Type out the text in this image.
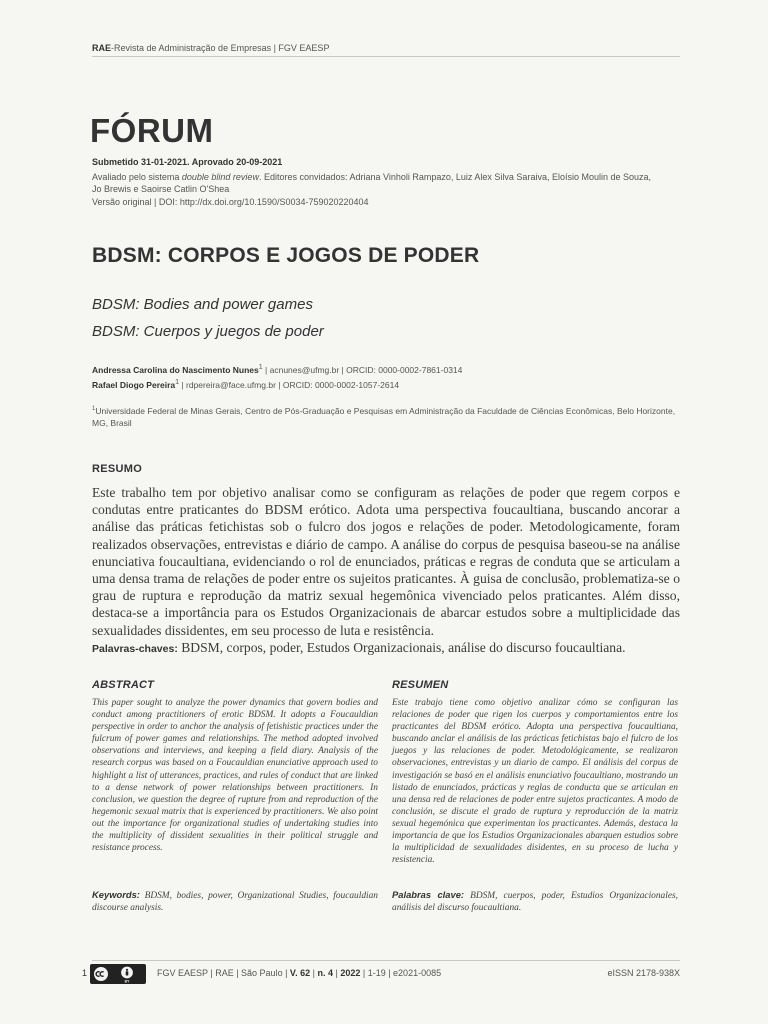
RAE-Revista de Administração de Empresas | FGV EAESP
FÓRUM
Submetido 31-01-2021. Aprovado 20-09-2021
Avaliado pelo sistema double blind review. Editores convidados: Adriana Vinholi Rampazo, Luiz Alex Silva Saraiva, Eloísio Moulin de Souza, Jo Brewis e Saoirse Catlin O'Shea
Versão original | DOI: http://dx.doi.org/10.1590/S0034-759020220404
BDSM: CORPOS E JOGOS DE PODER
BDSM: Bodies and power games
BDSM: Cuerpos y juegos de poder
Andressa Carolina do Nascimento Nunes$^1$ | acnunes@ufmg.br | ORCID: 0000-0002-7861-0314
Rafael Diogo Pereira$^1$ | rdpereira@face.ufmg.br | ORCID: 0000-0002-1057-2614
$^1$Universidade Federal de Minas Gerais, Centro de Pós-Graduação e Pesquisas em Administração da Faculdade de Ciências Econômicas, Belo Horizonte, MG, Brasil
RESUMO
Este trabalho tem por objetivo analisar como se configuram as relações de poder que regem corpos e condutas entre praticantes do BDSM erótico. Adota uma perspectiva foucaultiana, buscando ancorar a análise das práticas fetichistas sob o fulcro dos jogos e relações de poder. Metodologicamente, foram realizados observações, entrevistas e diário de campo. A análise do corpus de pesquisa baseou-se na análise enunciativa foucaultiana, evidenciando o rol de enunciados, práticas e regras de conduta que se articulam a uma densa trama de relações de poder entre os sujeitos praticantes. À guisa de conclusão, problematiza-se o grau de ruptura e reprodução da matriz sexual hegemônica vivenciado pelos praticantes. Além disso, destaca-se a importância para os Estudos Organizacionais de abarcar estudos sobre a multiplicidade das sexualidades dissidentes, em seu processo de luta e resistência.
Palavras-chaves: BDSM, corpos, poder, Estudos Organizacionais, análise do discurso foucaultiana.
ABSTRACT
This paper sought to analyze the power dynamics that govern bodies and conduct among practitioners of erotic BDSM. It adopts a Foucauldian perspective in order to anchor the analysis of fetishistic practices under the fulcrum of power games and relationships. The method adopted involved observations and interviews, and keeping a field diary. Analysis of the research corpus was based on a Foucauldian enunciative approach used to highlight a list of utterances, practices, and rules of conduct that are linked to a dense network of power relationships between practitioners. In conclusion, we question the degree of rupture from and reproduction of the hegemonic sexual matrix that is experienced by practitioners. We also point out the importance for organizational studies of undertaking studies into the multiplicity of dissident sexualities in their political struggle and resistance process.
Keywords: BDSM, bodies, power, Organizational Studies, foucauldian discourse analysis.
RESUMEN
Este trabajo tiene como objetivo analizar cómo se configuran las relaciones de poder que rigen los cuerpos y comportamientos entre los practicantes del BDSM erótico. Adopta una perspectiva foucaultiana, buscando anclar el análisis de las prácticas fetichistas bajo el fulcro de los juegos y las relaciones de poder. Metodológicamente, se realizaron observaciones, entrevistas y un diario de campo. El análisis del corpus de investigación se basó en el análisis enunciativo foucaultiano, mostrando un listado de enunciados, prácticas y reglas de conducta que se articulan en una densa red de relaciones de poder entre sujetos practicantes. A modo de conclusión, se discute el grado de ruptura y reproducción de la matriz sexual hegemónica que experimentan los practicantes. Además, destaca la importancia de que los Estudios Organizacionales abarquen estudios sobre la multiplicidad de sexualidades disidentes, en su proceso de lucha y resistencia.
Palabras clave: BDSM, cuerpos, poder, Estudios Organizacionales, análisis del discurso foucaultiana.
1
BY
FGV EAESP | RAE | São Paulo | V. 62 | n. 4 | 2022 | 1-19 | e2021-0085	eISSN 2178-938X
